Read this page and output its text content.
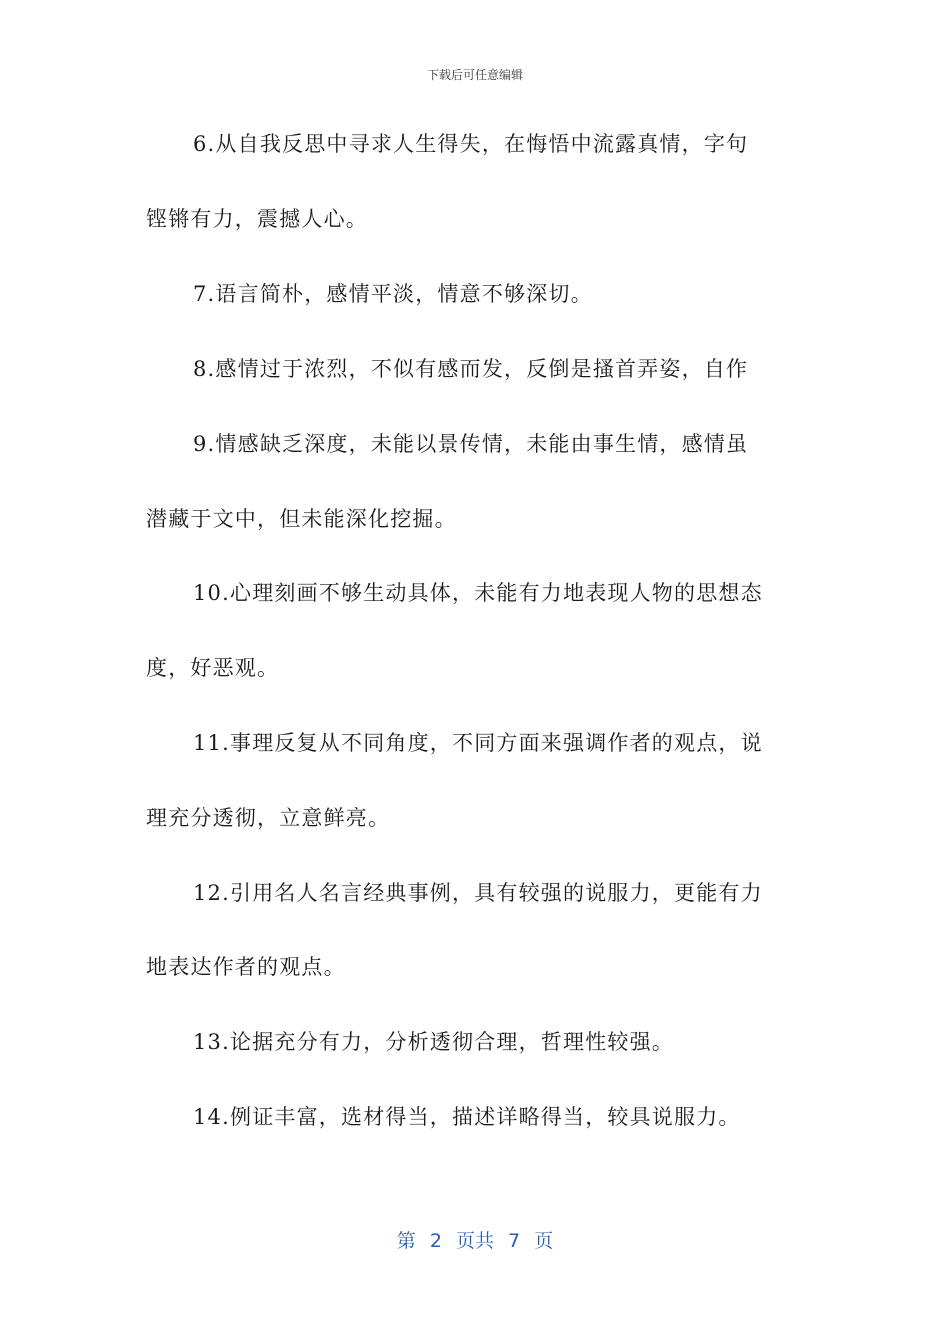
下载后可任意编辑
6.从自我反思中寻求人生得失，在悔悟中流露真情，字句
铿锵有力，震撼人心。
7.语言简朴，感情平淡，情意不够深切。
8.感情过于浓烈，不似有感而发，反倒是搔首弄姿，自作
9.情感缺乏深度，未能以景传情，未能由事生情，感情虽
潜藏于文中，但未能深化挖掘。
10.心理刻画不够生动具体，未能有力地表现人物的思想态
度，好恶观。
11.事理反复从不同角度，不同方面来强调作者的观点，说
理充分透彻，立意鲜亮。
12.引用名人名言经典事例，具有较强的说服力，更能有力
地表达作者的观点。
13.论据充分有力，分析透彻合理，哲理性较强。
14.例证丰富，选材得当，描述详略得当，较具说服力。
第 2 页共 7 页
